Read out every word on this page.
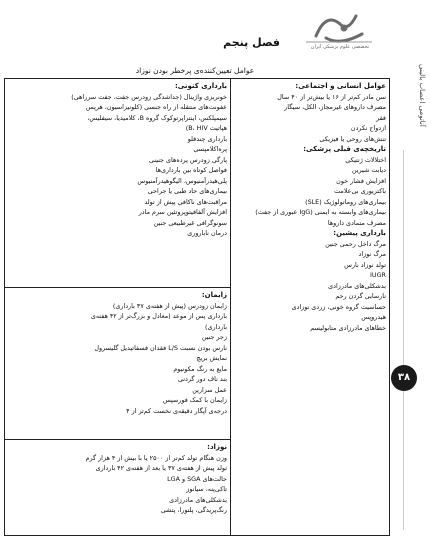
تخصصی علوم پزشکی ایران
فصل پنجم
آناتومی اعصاب بالینی
۳۸
عوامل تعیین‌کننده‌ی پرخطر بودن نوزاد
بارداری کنونی:
خونریزی واژینال (جداشدگی زودرس جفت، جفت سرراهی)
عفونت‌های منتقله از راه جنسی (کلونیزاسیون، هرپس
سیمپلکس، اینتراپرتوکوک گروه B، کلامیدیا، سیفلیس،
هپاتیت B، HIV)
بارداری چندقلو
پره‌اکلامپسی
پارگی زودرس پرده‌های جنینی
فواصل کوتاه بین بارداری‌ها
پلی‌هیدرآمنیوس، الیگوهیدرآمنیوس
بیماری‌های حاد طبی یا جراحی
مراقبت‌های ناکافی پیش از تولد
افزایش آلفافیتوپروتئین سرم مادر
سونوگرافی غیرطبیعی جنین
درمان ناباروری
زایمان:
زایمان زودرس (پیش از هفته‌ی ۳۷ بارداری)
بارداری پس از موعد (معادل و بزرگ‌تر از ۴۲ هفته‌ی
بارداری)
زجر جنین
نارس بودن نسبت L/S فقدان فسفاتیدیل گلیسرول
نمایش بریچ
مایع به رنگ مکونیوم
بند ناف دور گردنی
عمل سزارین
زایمان با کمک فورسپس
درجه‌ی آپگار دقیقه‌ی نخست کم‌تر از ۴
نوزاد:
وزن هنگام تولد کم‌تر از ۲۵۰۰ یا با بیش از ۴ هزار گرم
تولد پیش از هفته‌ی ۳۷ یا بعد از هفته‌ی ۴۲ بارداری
حالت‌های SGA و LGA
تاکی‌پنه، سیانوز
بدشکلی‌های مادرزادی
رنگ‌پریدگی، پلتورا، پتشی
عوامل انسانی و اجتماعی:
سن مادر کم‌تر از ۱۶ یا بیش‌تر از ۴۰ سال
مصرف داروهای غیرمجاز، الکل، سیگار
فقر
ازدواج نکردن
تنش‌های روحی یا فیزیکی
تاریخچه‌ی قبلی پزشکی:
اختلالات ژنتیکی
دیابت شیرین
افزایش فشار خون
باکتریوری بی‌علامت
بیماری‌های روماتولوژیک (SLE)
بیماری‌های وابسته به ایمنی (IgG عبوری از جفت)
مصرف متمادی داروها
بارداری پیشین:
مرگ داخل رحمی جنین
مرگ نوزاد
تولد نوزاد نارس
IUGR
بدشکلی‌های مادرزادی
نارسایی گردن رحم
حساسیت گروه خونی، زردی نوزادی
هیدروپس
خطاهای مادرزادی متابولیسم
